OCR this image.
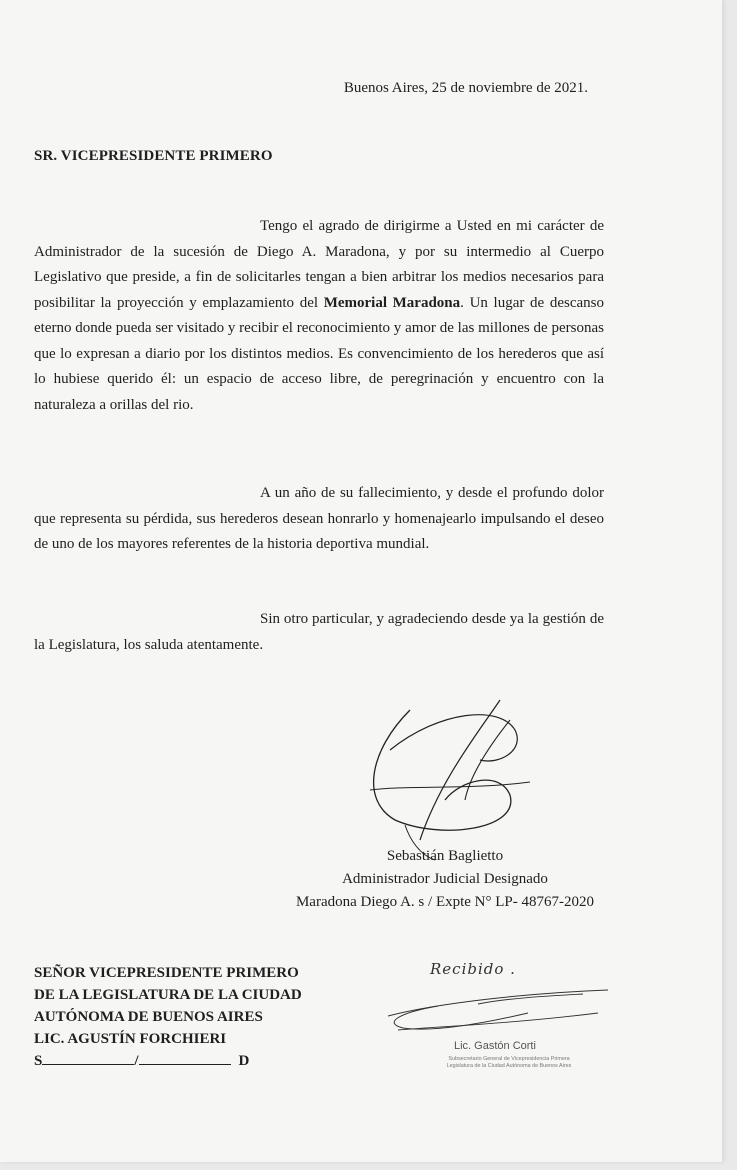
Buenos Aires, 25 de noviembre de 2021.
SR. VICEPRESIDENTE PRIMERO
Tengo el agrado de dirigirme a Usted en mi carácter de Administrador de la sucesión de Diego A. Maradona, y por su intermedio al Cuerpo Legislativo que preside, a fin de solicitarles tengan a bien arbitrar los medios necesarios para posibilitar la proyección y emplazamiento del Memorial Maradona. Un lugar de descanso eterno donde pueda ser visitado y recibir el reconocimiento y amor de las millones de personas que lo expresan a diario por los distintos medios. Es convencimiento de los herederos que así lo hubiese querido él: un espacio de acceso libre, de peregrinación y encuentro con la naturaleza a orillas del rio.
A un año de su fallecimiento, y desde el profundo dolor que representa su pérdida, sus herederos desean honrarlo y homenajearlo impulsando el deseo de uno de los mayores referentes de la historia deportiva mundial.
Sin otro particular, y agradeciendo desde ya la gestión de la Legislatura, los saluda atentamente.
Sebastián Baglietto
Administrador Judicial Designado
Maradona Diego A. s / Expte N° LP- 48767-2020
SEÑOR VICEPRESIDENTE PRIMERO
DE LA LEGISLATURA DE LA CIUDAD
AUTÓNOMA DE BUENOS AIRES
LIC. AGUSTÍN FORCHIERI
S	/	D
Recibido .
Lic. Gastón Corti
Subsecretario General de Vicepresidencia Primera
Legislatura de la Ciudad Autónoma de Buenos Aires
